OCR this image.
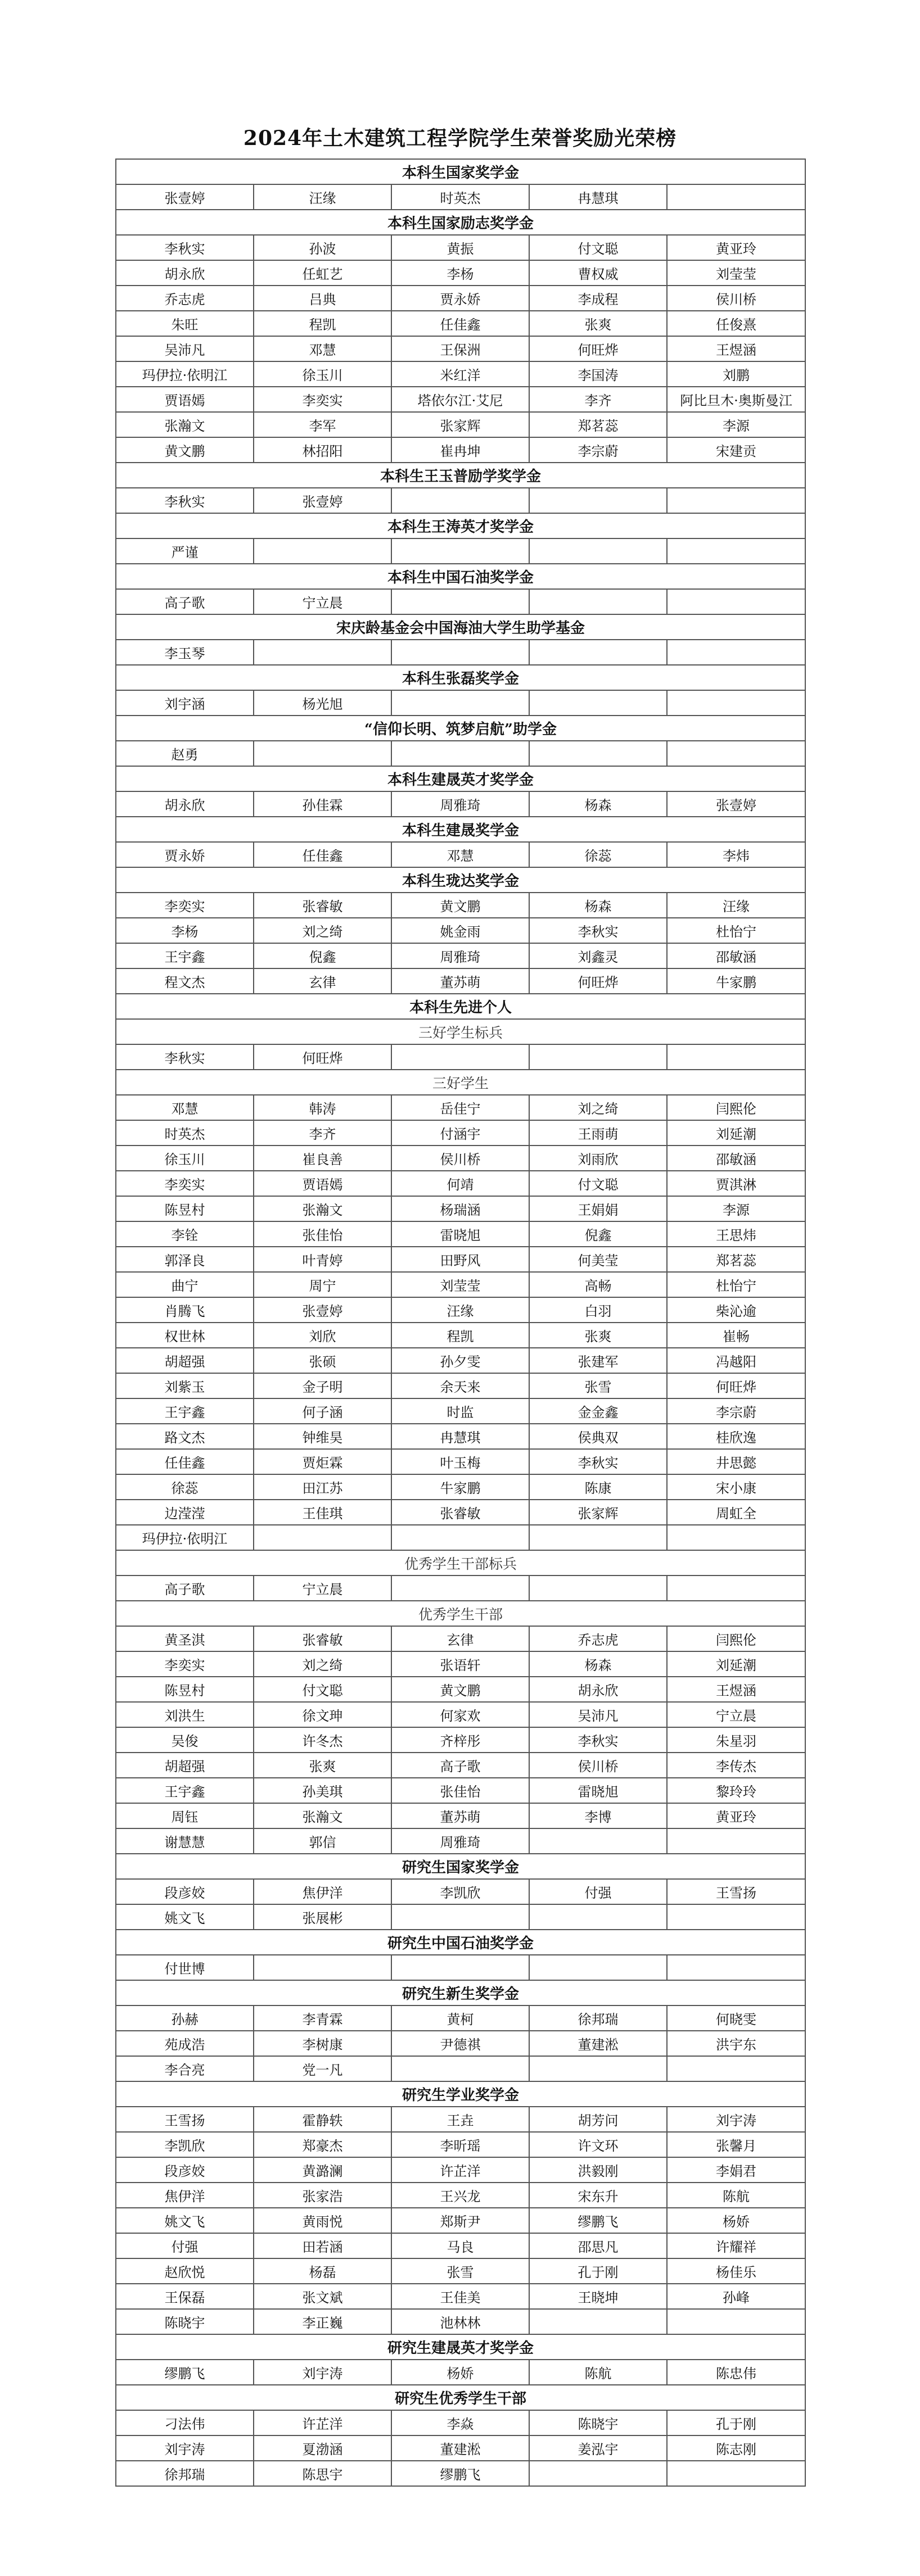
2024年土木建筑工程学院学生荣誉奖励光荣榜
本科生国家奖学金				
张壹婷	汪缘	时英杰	冉慧琪	
本科生国家励志奖学金				
李秋实	孙波	黄振	付文聪	黄亚玲
胡永欣	任虹艺	李杨	曹权威	刘莹莹
乔志虎	吕典	贾永娇	李成程	侯川桥
朱旺	程凯	任佳鑫	张爽	任俊熹
吴沛凡	邓慧	王保洲	何旺烨	王煜涵
玛伊拉·依明江	徐玉川	米红洋	李国涛	刘鹏
贾语嫣	李奕实	塔依尔江·艾尼	李齐	阿比旦木·奥斯曼江
张瀚文	李军	张家辉	郑茗蕊	李源
黄文鹏	林招阳	崔冉坤	李宗蔚	宋建贡
本科生王玉普励学奖学金				
李秋实	张壹婷			
本科生王涛英才奖学金				
严谨				
本科生中国石油奖学金				
高子歌	宁立晨			
宋庆龄基金会中国海油大学生助学基金				
李玉琴				
本科生张磊奖学金				
刘宇涵	杨光旭			
“信仰长明、筑梦启航”助学金				
赵勇				
本科生建晟英才奖学金				
胡永欣	孙佳霖	周雅琦	杨森	张壹婷
本科生建晟奖学金				
贾永娇	任佳鑫	邓慧	徐蕊	李炜
本科生珑达奖学金				
李奕实	张睿敏	黄文鹏	杨森	汪缘
李杨	刘之绮	姚金雨	李秋实	杜怡宁
王宇鑫	倪鑫	周雅琦	刘鑫灵	邵敏涵
程文杰	玄律	董苏萌	何旺烨	牛家鹏
本科生先进个人				
三好学生标兵				
李秋实	何旺烨			
三好学生				
邓慧	韩涛	岳佳宁	刘之绮	闫熙伦
时英杰	李齐	付涵宇	王雨萌	刘延潮
徐玉川	崔良善	侯川桥	刘雨欣	邵敏涵
李奕实	贾语嫣	何靖	付文聪	贾淇淋
陈昱村	张瀚文	杨瑞涵	王娟娟	李源
李铨	张佳怡	雷晓旭	倪鑫	王思炜
郭泽良	叶青婷	田野风	何美莹	郑茗蕊
曲宁	周宁	刘莹莹	高畅	杜怡宁
肖腾飞	张壹婷	汪缘	白羽	柴沁逾
权世林	刘欣	程凯	张爽	崔畅
胡超强	张硕	孙夕雯	张建军	冯越阳
刘紫玉	金子明	余天来	张雪	何旺烨
王宇鑫	何子涵	时监	金金鑫	李宗蔚
路文杰	钟维昊	冉慧琪	侯典双	桂欣逸
任佳鑫	贾炬霖	叶玉梅	李秋实	井思懿
徐蕊	田江苏	牛家鹏	陈康	宋小康
边滢滢	王佳琪	张睿敏	张家辉	周虹全
玛伊拉·依明江				
优秀学生干部标兵				
高子歌	宁立晨			
优秀学生干部				
黄圣淇	张睿敏	玄律	乔志虎	闫熙伦
李奕实	刘之绮	张语轩	杨森	刘延潮
陈昱村	付文聪	黄文鹏	胡永欣	王煜涵
刘洪生	徐文珅	何家欢	吴沛凡	宁立晨
吴俊	许冬杰	齐梓彤	李秋实	朱星羽
胡超强	张爽	高子歌	侯川桥	李传杰
王宇鑫	孙美琪	张佳怡	雷晓旭	黎玲玲
周钰	张瀚文	董苏萌	李博	黄亚玲
谢慧慧	郭信	周雅琦		
研究生国家奖学金				
段彦姣	焦伊洋	李凯欣	付强	王雪扬
姚文飞	张展彬			
研究生中国石油奖学金				
付世博				
研究生新生奖学金				
孙赫	李青霖	黄柯	徐邦瑞	何晓雯
苑成浩	李树康	尹德祺	董建淞	洪宇东
李合亮	党一凡			
研究生学业奖学金				
王雪扬	霍静轶	王垚	胡芳问	刘宇涛
李凯欣	郑豪杰	李昕瑶	许文环	张馨月
段彦姣	黄潞澜	许芷洋	洪毅刚	李娟君
焦伊洋	张家浩	王兴龙	宋东升	陈航
姚文飞	黄雨悦	郑斯尹	缪鹏飞	杨娇
付强	田若涵	马良	邵思凡	许耀祥
赵欣悦	杨磊	张雪	孔于刚	杨佳乐
王保磊	张文斌	王佳美	王晓坤	孙峰
陈晓宇	李正巍	池林林		
研究生建晟英才奖学金				
缪鹏飞	刘宇涛	杨娇	陈航	陈忠伟
研究生优秀学生干部				
刁法伟	许芷洋	李焱	陈晓宇	孔于刚
刘宇涛	夏渤涵	董建淞	姜泓宇	陈志刚
徐邦瑞	陈思宇	缪鹏飞		
